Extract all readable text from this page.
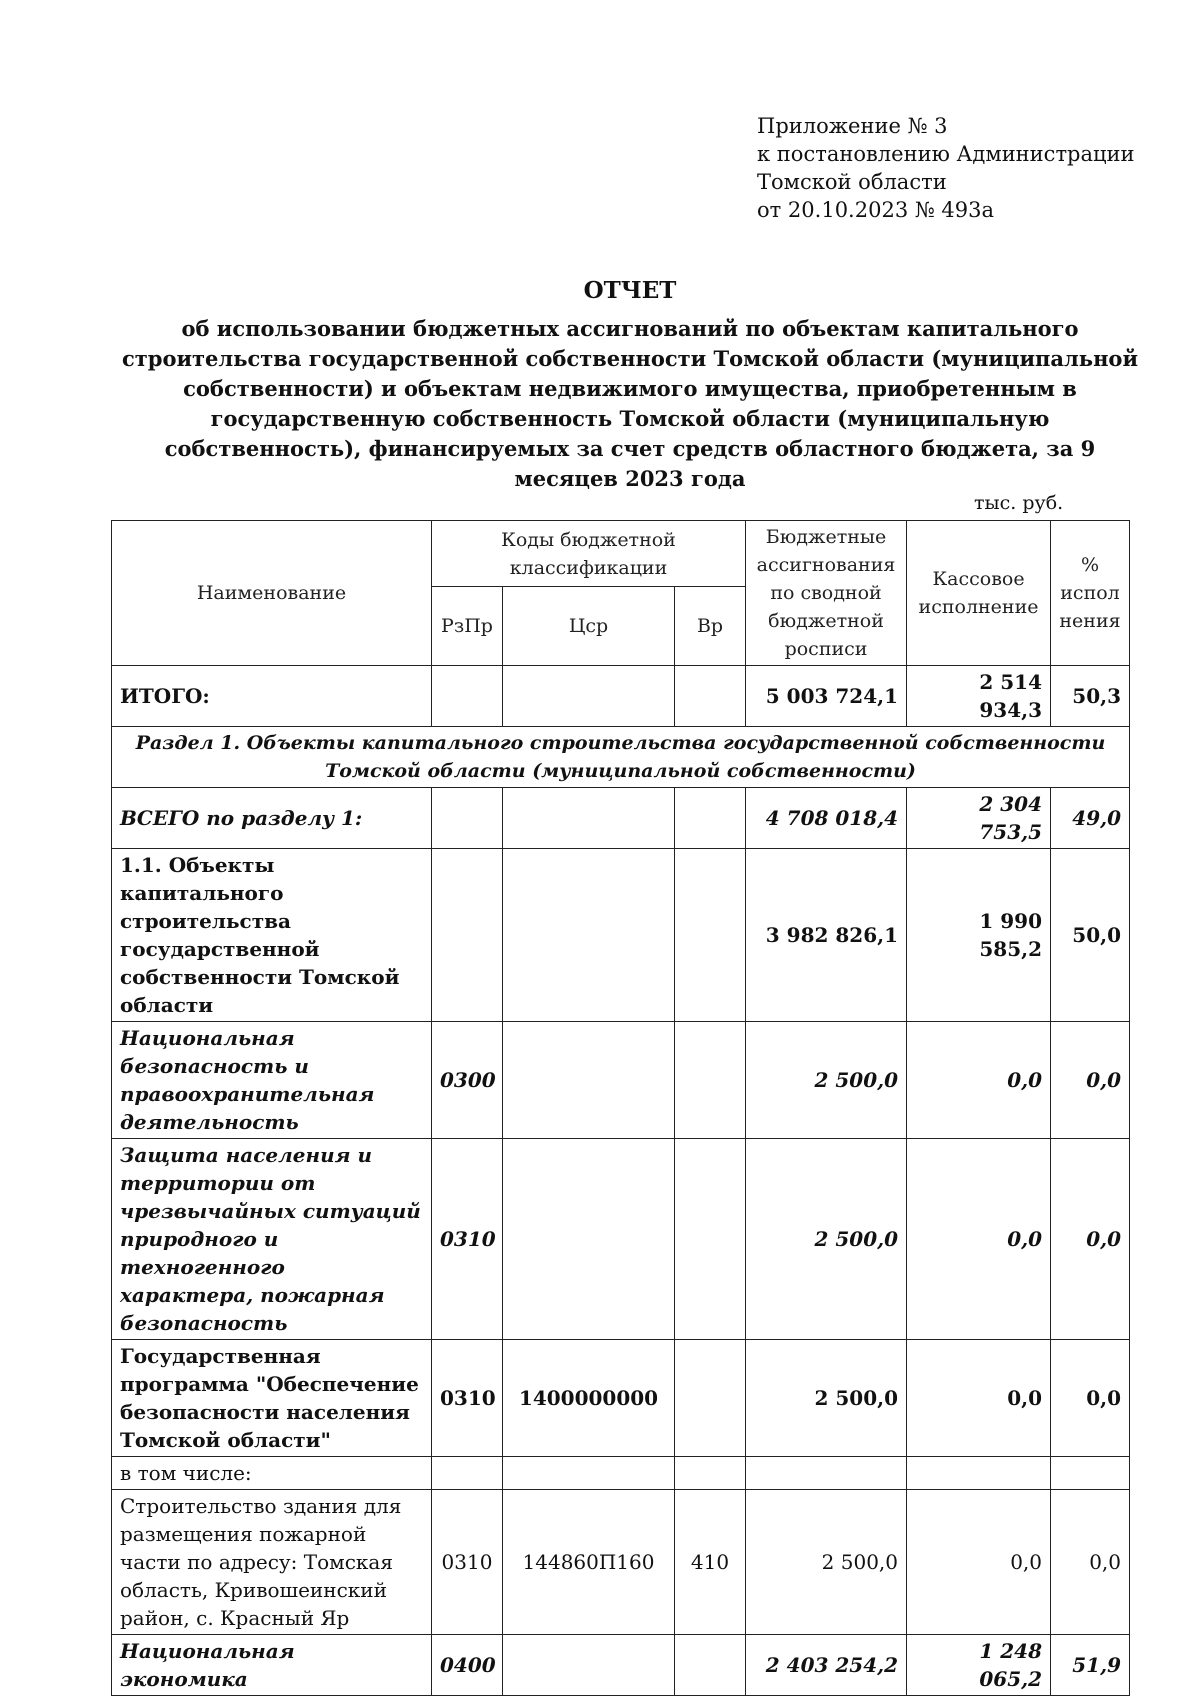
Приложение № 3
к постановлению Администрации
Томской области
от 20.10.2023 № 493а
ОТЧЕТ
об использовании бюджетных ассигнований по объектам капитального строительства государственной собственности Томской области (муниципальной собственности) и объектам недвижимого имущества, приобретенным в государственную собственность Томской области (муниципальную собственность), финансируемых за счет средств областного бюджета, за 9 месяцев 2023 года
тыс. руб.
Наименование	Коды бюджетной классификации			Бюджетные ассигнования по сводной бюджетной росписи	Кассовое исполнение	% испол нения
	РзПр	Цср	Вр			
ИТОГО:				5 003 724,1	2 514 934,3	50,3
Раздел 1. Объекты капитального строительства государственной собственности Томской области (муниципальной собственности)						
ВСЕГО по разделу 1:				4 708 018,4	2 304 753,5	49,0
1.1. Объекты капитального строительства государственной собственности Томской области				3 982 826,1	1 990 585,2	50,0
Национальная безопасность и правоохранительная деятельность	0300			2 500,0	0,0	0,0
Защита населения и территории от чрезвычайных ситуаций природного и техногенного характера, пожарная безопасность	0310			2 500,0	0,0	0,0
Государственная программа "Обеспечение безопасности населения Томской области"	0310	1400000000		2 500,0	0,0	0,0
в том числе:						
Строительство здания для размещения пожарной части по адресу: Томская область, Кривошеинский район, с. Красный Яр	0310	144860П160	410	2 500,0	0,0	0,0
Национальная экономика	0400			2 403 254,2	1 248 065,2	51,9
